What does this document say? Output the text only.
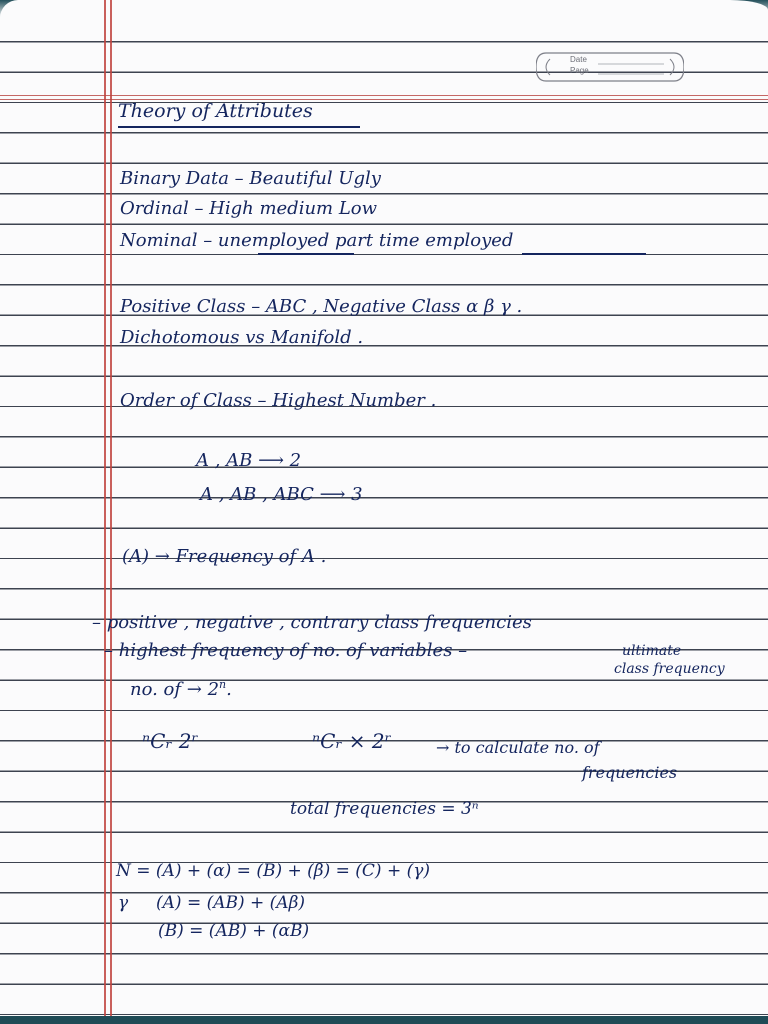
Date
Page

Theory of Attributes

Binary Data – Beautiful Ugly

Ordinal – High medium Low

Nominal – unemployed part time employed

Positive Class – ABC , Negative Class α β γ .

Dichotomous vs Manifold .

Order of Class – Highest Number .

A , AB ⟶ 2

A , AB , ABC ⟶ 3

(A) → Frequency of A .

– positive , negative , contrary class frequencies

– highest frequency of no. of variables –	ultimate

class frequency

no. of → $2^n$.

ⁿCᵣ 2ʳ	ⁿCᵣ × 2ʳ	→ to calculate no. of

frequencies

total frequencies = 3ⁿ

N = (A) + (α) = (B) + (β) = (C) + (γ)

γ (A) = (AB) + (Aβ)

(B) = (AB) + (αB)
